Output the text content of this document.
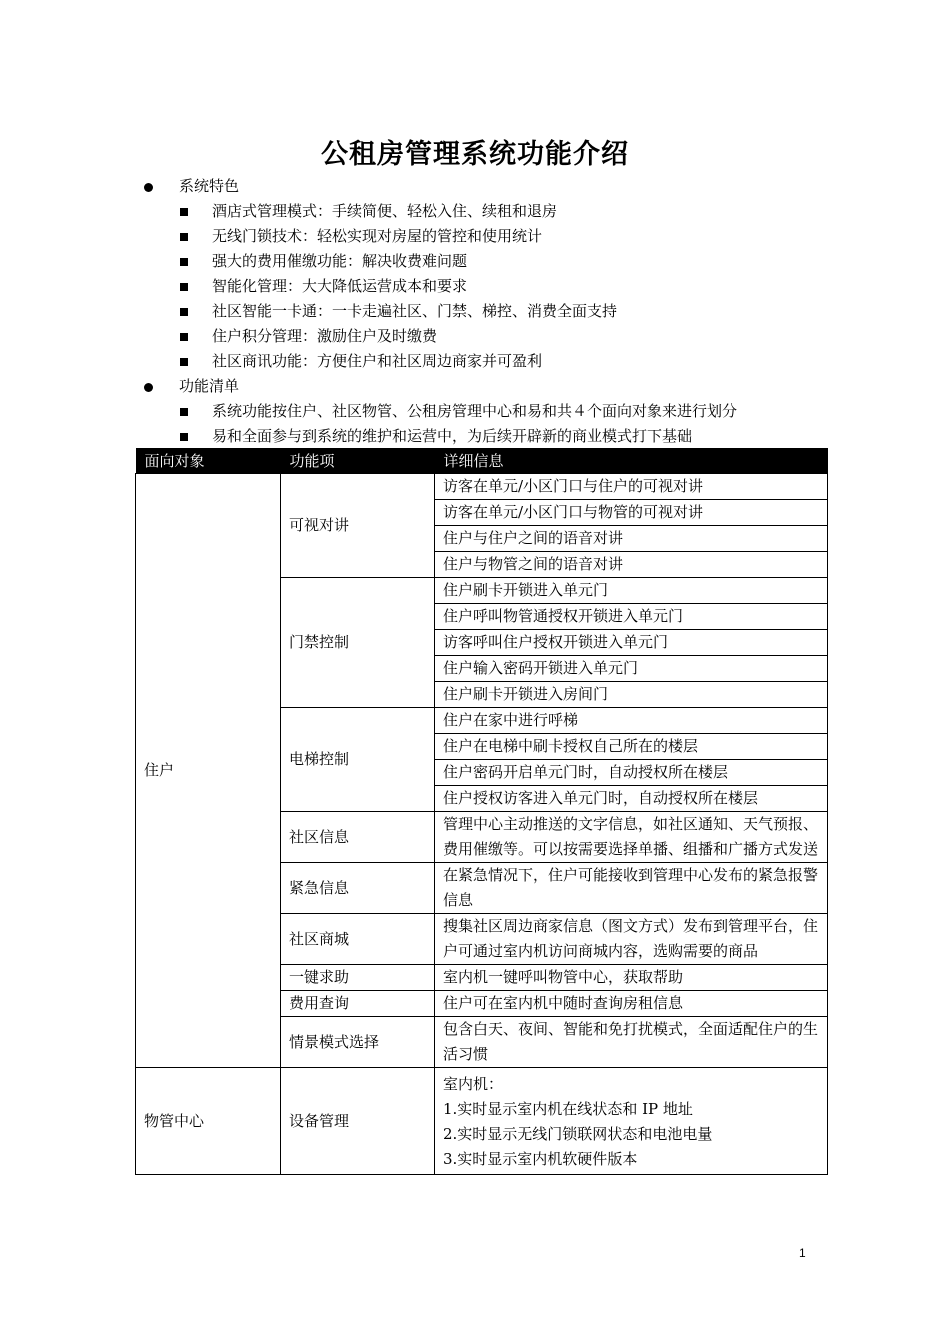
公租房管理系统功能介绍
系统特色
酒店式管理模式：手续简便、轻松入住、续租和退房
无线门锁技术：轻松实现对房屋的管控和使用统计
强大的费用催缴功能：解决收费难问题
智能化管理：大大降低运营成本和要求
社区智能一卡通：一卡走遍社区、门禁、梯控、消费全面支持
住户积分管理：激励住户及时缴费
社区商讯功能：方便住户和社区周边商家并可盈利
功能清单
系统功能按住户、社区物管、公租房管理中心和易和共４个面向对象来进行划分
易和全面参与到系统的维护和运营中，为后续开辟新的商业模式打下基础
面向对象	功能项	详细信息
住户	可视对讲	访客在单元/小区门口与住户的可视对讲
		访客在单元/小区门口与物管的可视对讲
		住户与住户之间的语音对讲
		住户与物管之间的语音对讲
	门禁控制	住户刷卡开锁进入单元门
		住户呼叫物管通授权开锁进入单元门
		访客呼叫住户授权开锁进入单元门
		住户输入密码开锁进入单元门
		住户刷卡开锁进入房间门
	电梯控制	住户在家中进行呼梯
		住户在电梯中刷卡授权自己所在的楼层
		住户密码开启单元门时，自动授权所在楼层
		住户授权访客进入单元门时，自动授权所在楼层
	社区信息	管理中心主动推送的文字信息，如社区通知、天气预报、费用催缴等。可以按需要选择单播、组播和广播方式发送
	紧急信息	在紧急情况下，住户可能接收到管理中心发布的紧急报警信息
	社区商城	搜集社区周边商家信息（图文方式）发布到管理平台，住户可通过室内机访问商城内容，选购需要的商品
	一键求助	室内机一键呼叫物管中心，获取帮助
	费用查询	住户可在室内机中随时查询房租信息
	情景模式选择	包含白天、夜间、智能和免打扰模式，全面适配住户的生活习惯
物管中心	设备管理	室内机：
1.实时显示室内机在线状态和 IP 地址
2.实时显示无线门锁联网状态和电池电量
3.实时显示室内机软硬件版本
1
